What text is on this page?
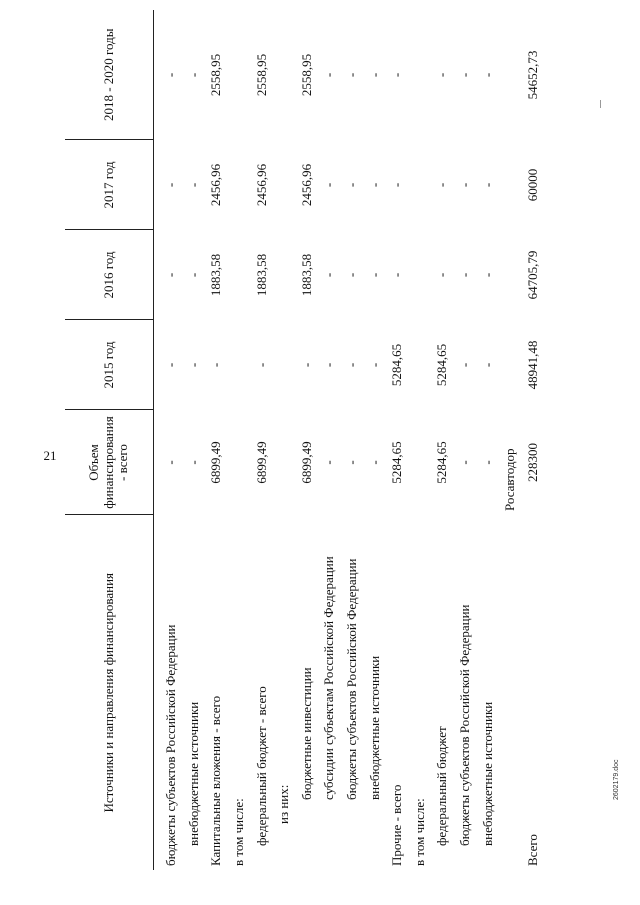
21
Источники и направления финансирования	Объем финансирования - всего	2015 год	2016 год	2017 год	2018 - 2020 годы

бюджеты субъектов Российской Федерации	-	-	-	-	-
внебюджетные источники	-	-	-	-	-
Капитальные вложения - всего	6899,49	-	1883,58	2456,96	2558,95
в том числе:					
федеральный бюджет - всего	6899,49	-	1883,58	2456,96	2558,95
из них:					
бюджетные инвестиции	6899,49	-	1883,58	2456,96	2558,95
субсидии субъектам Российской Федерации	-	-	-	-	-
бюджеты субъектов Российской Федерации	-	-	-	-	-
внебюджетные источники	-	-	-	-	-
Прочие - всего	5284,65	5284,65	-	-	-
в том числе:					
федеральный бюджет	5284,65	5284,65	-	-	-
бюджеты субъектов Российской Федерации	-	-	-	-	-
внебюджетные источники	-	-	-	-	-
	Росавтодор				
Всего	228300	48941,48	64705,79	60000	54652,73
2602179.doc
